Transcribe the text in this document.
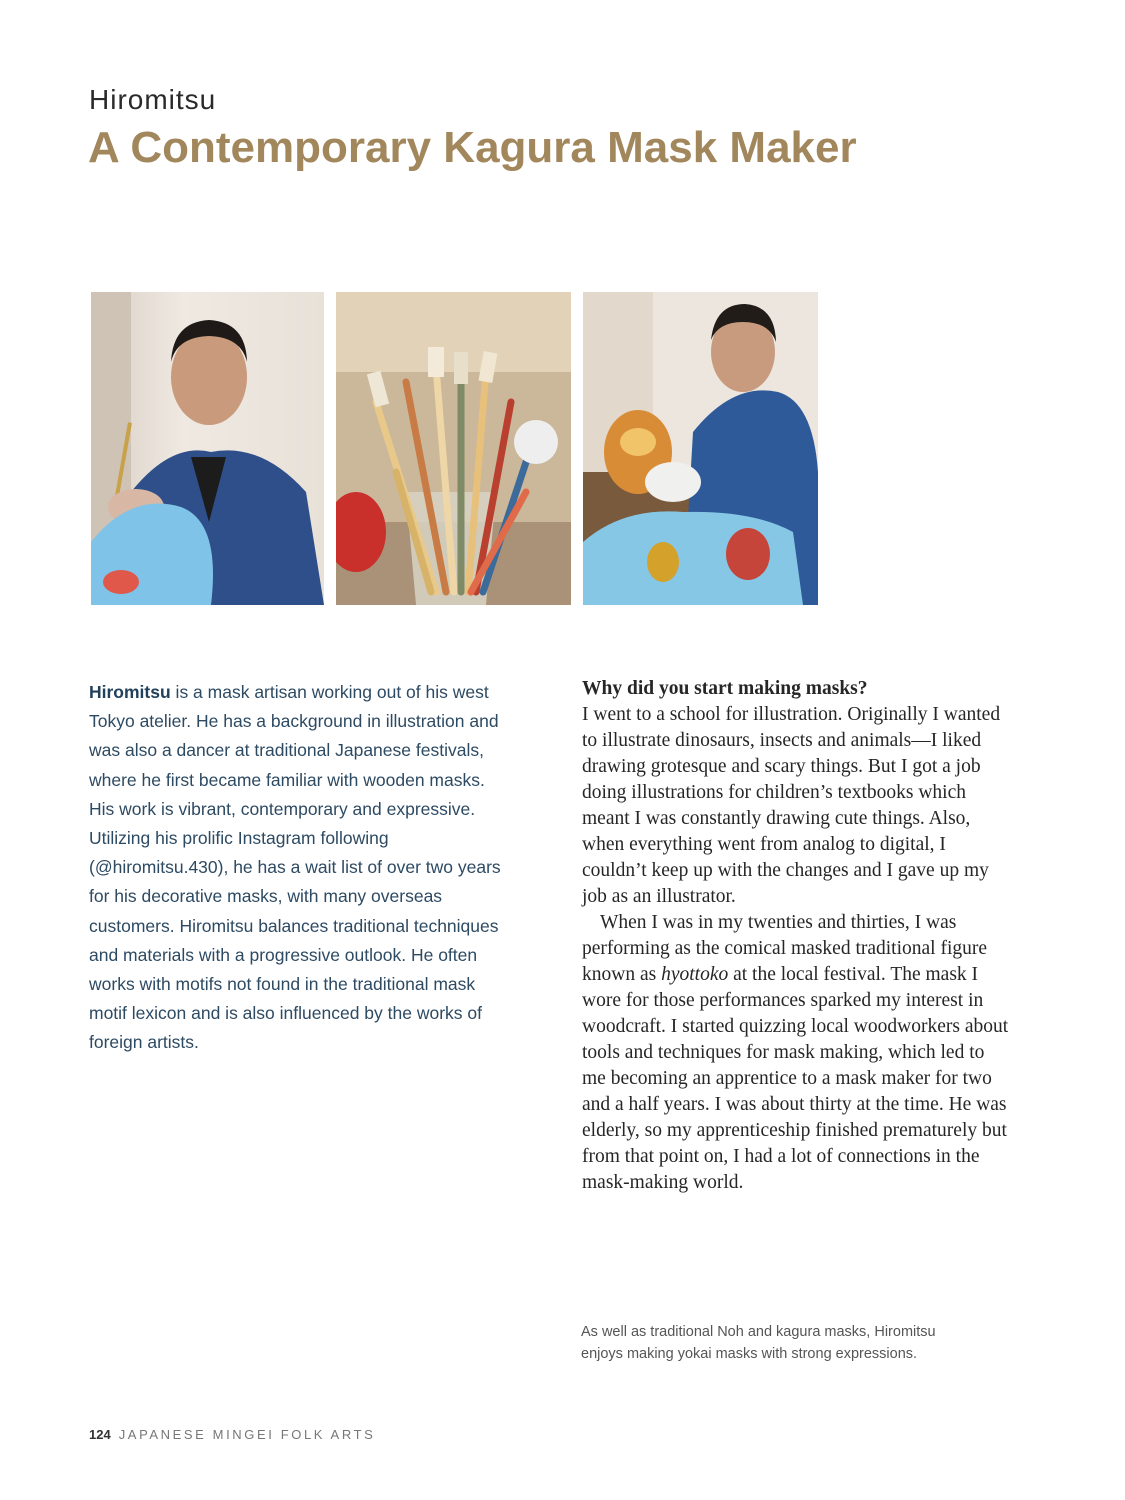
Hiromitsu
A Contemporary Kagura Mask Maker

Hiromitsu is a mask artisan working out of his west Tokyo atelier. He has a background in illustration and was also a dancer at traditional Japanese festivals, where he first became familiar with wooden masks. His work is vibrant, contemporary and expressive. Utilizing his prolific Instagram following (@hiromitsu.430), he has a wait list of over two years for his decorative masks, with many overseas customers. Hiromitsu balances traditional techniques and materials with a progressive outlook. He often works with motifs not found in the traditional mask motif lexicon and is also influenced by the works of foreign artists.

Why did you start making masks?

I went to a school for illustration. Originally I wanted to illustrate dinosaurs, insects and animals—I liked drawing grotesque and scary things. But I got a job doing illustrations for children’s textbooks which meant I was constantly drawing cute things. Also, when everything went from analog to digital, I couldn’t keep up with the changes and I gave up my job as an illustrator.

When I was in my twenties and thirties, I was performing as the comical masked traditional figure known as hyottoko at the local festival. The mask I wore for those performances sparked my interest in woodcraft. I started quizzing local woodworkers about tools and techniques for mask making, which led to me becoming an apprentice to a mask maker for two and a half years. I was about thirty at the time. He was elderly, so my apprenticeship finished prematurely but from that point on, I had a lot of connections in the mask-making world.

As well as traditional Noh and kagura masks, Hiromitsu enjoys making yokai masks with strong expressions.

124 JAPANESE MINGEI FOLK ARTS
